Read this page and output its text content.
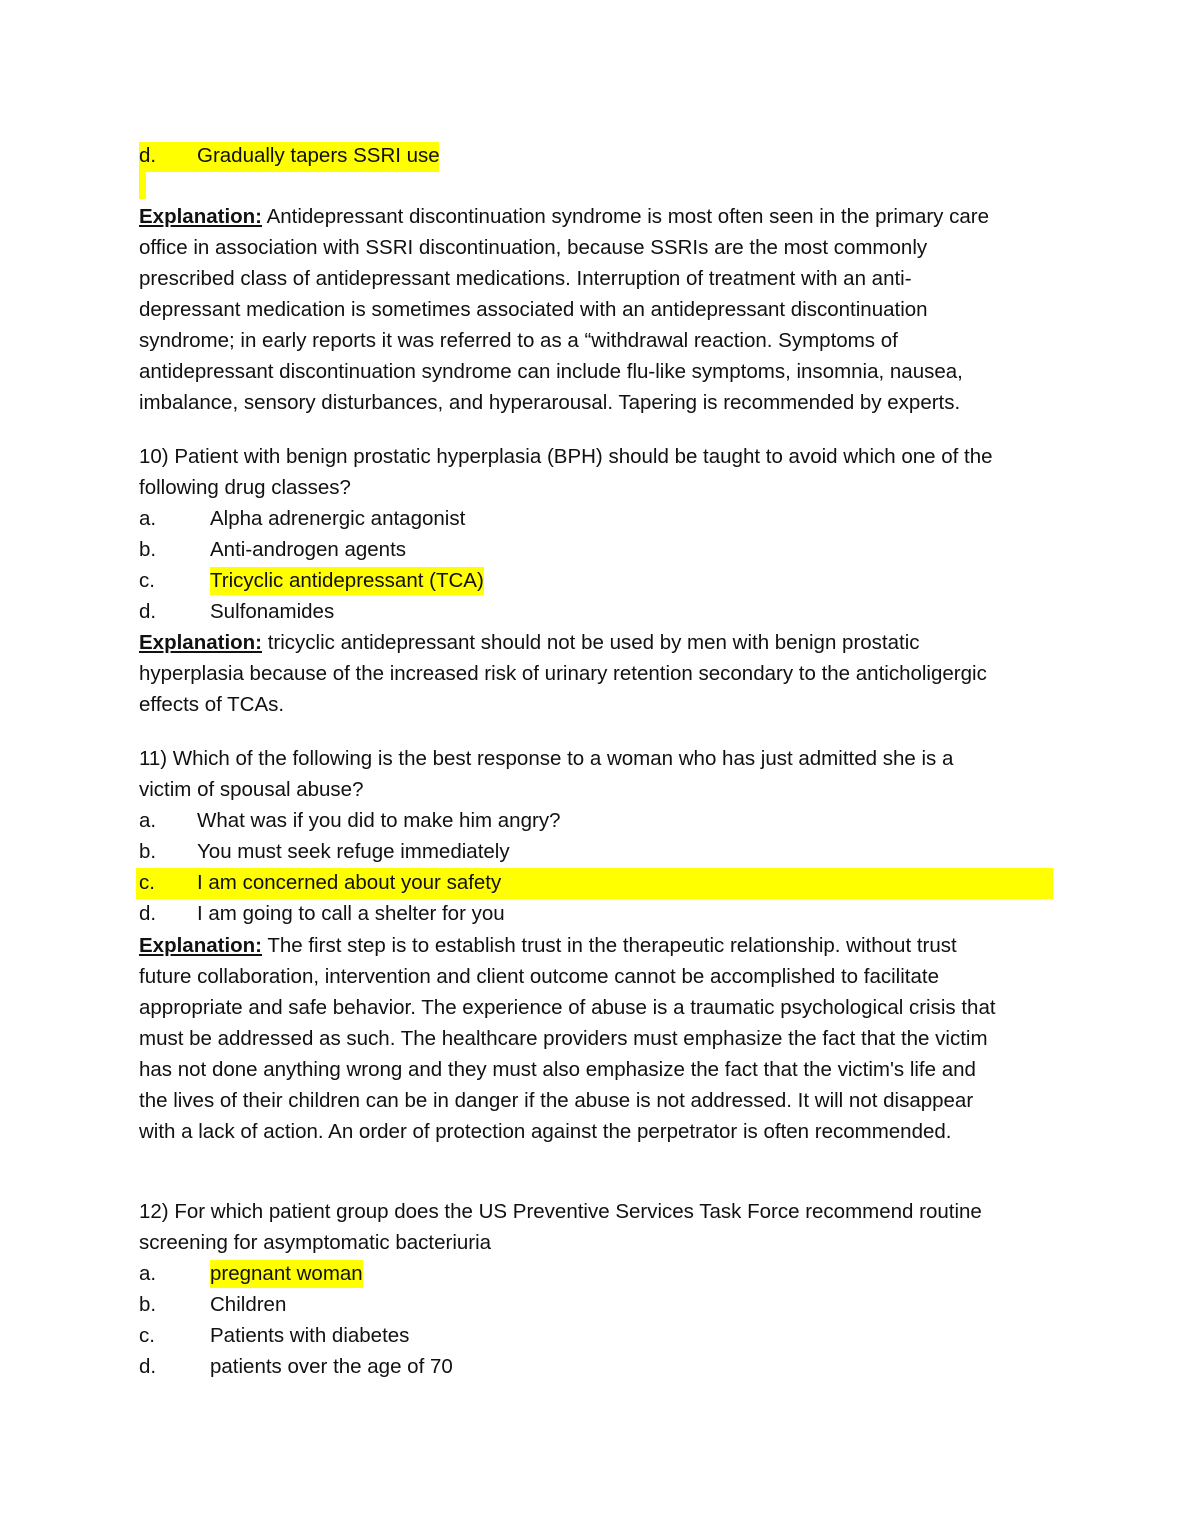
d. Gradually tapers SSRI use
Explanation: Antidepressant discontinuation syndrome is most often seen in the primary care
office in association with SSRI discontinuation, because SSRIs are the most commonly
prescribed class of antidepressant medications. Interruption of treatment with an anti-
depressant medication is sometimes associated with an antidepressant discontinuation
syndrome; in early reports it was referred to as a “withdrawal reaction. Symptoms of
antidepressant discontinuation syndrome can include flu-like symptoms, insomnia, nausea,
imbalance, sensory disturbances, and hyperarousal. Tapering is recommended by experts.
10) Patient with benign prostatic hyperplasia (BPH) should be taught to avoid which one of the
following drug classes?
a.	Alpha adrenergic antagonist
b.	Anti-androgen agents
c.	Tricyclic antidepressant (TCA)
d.	Sulfonamides
Explanation: tricyclic antidepressant should not be used by men with benign prostatic
hyperplasia because of the increased risk of urinary retention secondary to the anticholigergic
effects of TCAs.
11) Which of the following is the best response to a woman who has just admitted she is a
victim of spousal abuse?
a. What was if you did to make him angry?
b. You must seek refuge immediately
c. I am concerned about your safety
d. I am going to call a shelter for you
Explanation: The first step is to establish trust in the therapeutic relationship. without trust
future collaboration, intervention and client outcome cannot be accomplished to facilitate
appropriate and safe behavior. The experience of abuse is a traumatic psychological crisis that
must be addressed as such. The healthcare providers must emphasize the fact that the victim
has not done anything wrong and they must also emphasize the fact that the victim's life and
the lives of their children can be in danger if the abuse is not addressed. It will not disappear
with a lack of action. An order of protection against the perpetrator is often recommended.
12) For which patient group does the US Preventive Services Task Force recommend routine
screening for asymptomatic bacteriuria
a.	pregnant woman
b.	Children
c.	Patients with diabetes
d.	patients over the age of 70
